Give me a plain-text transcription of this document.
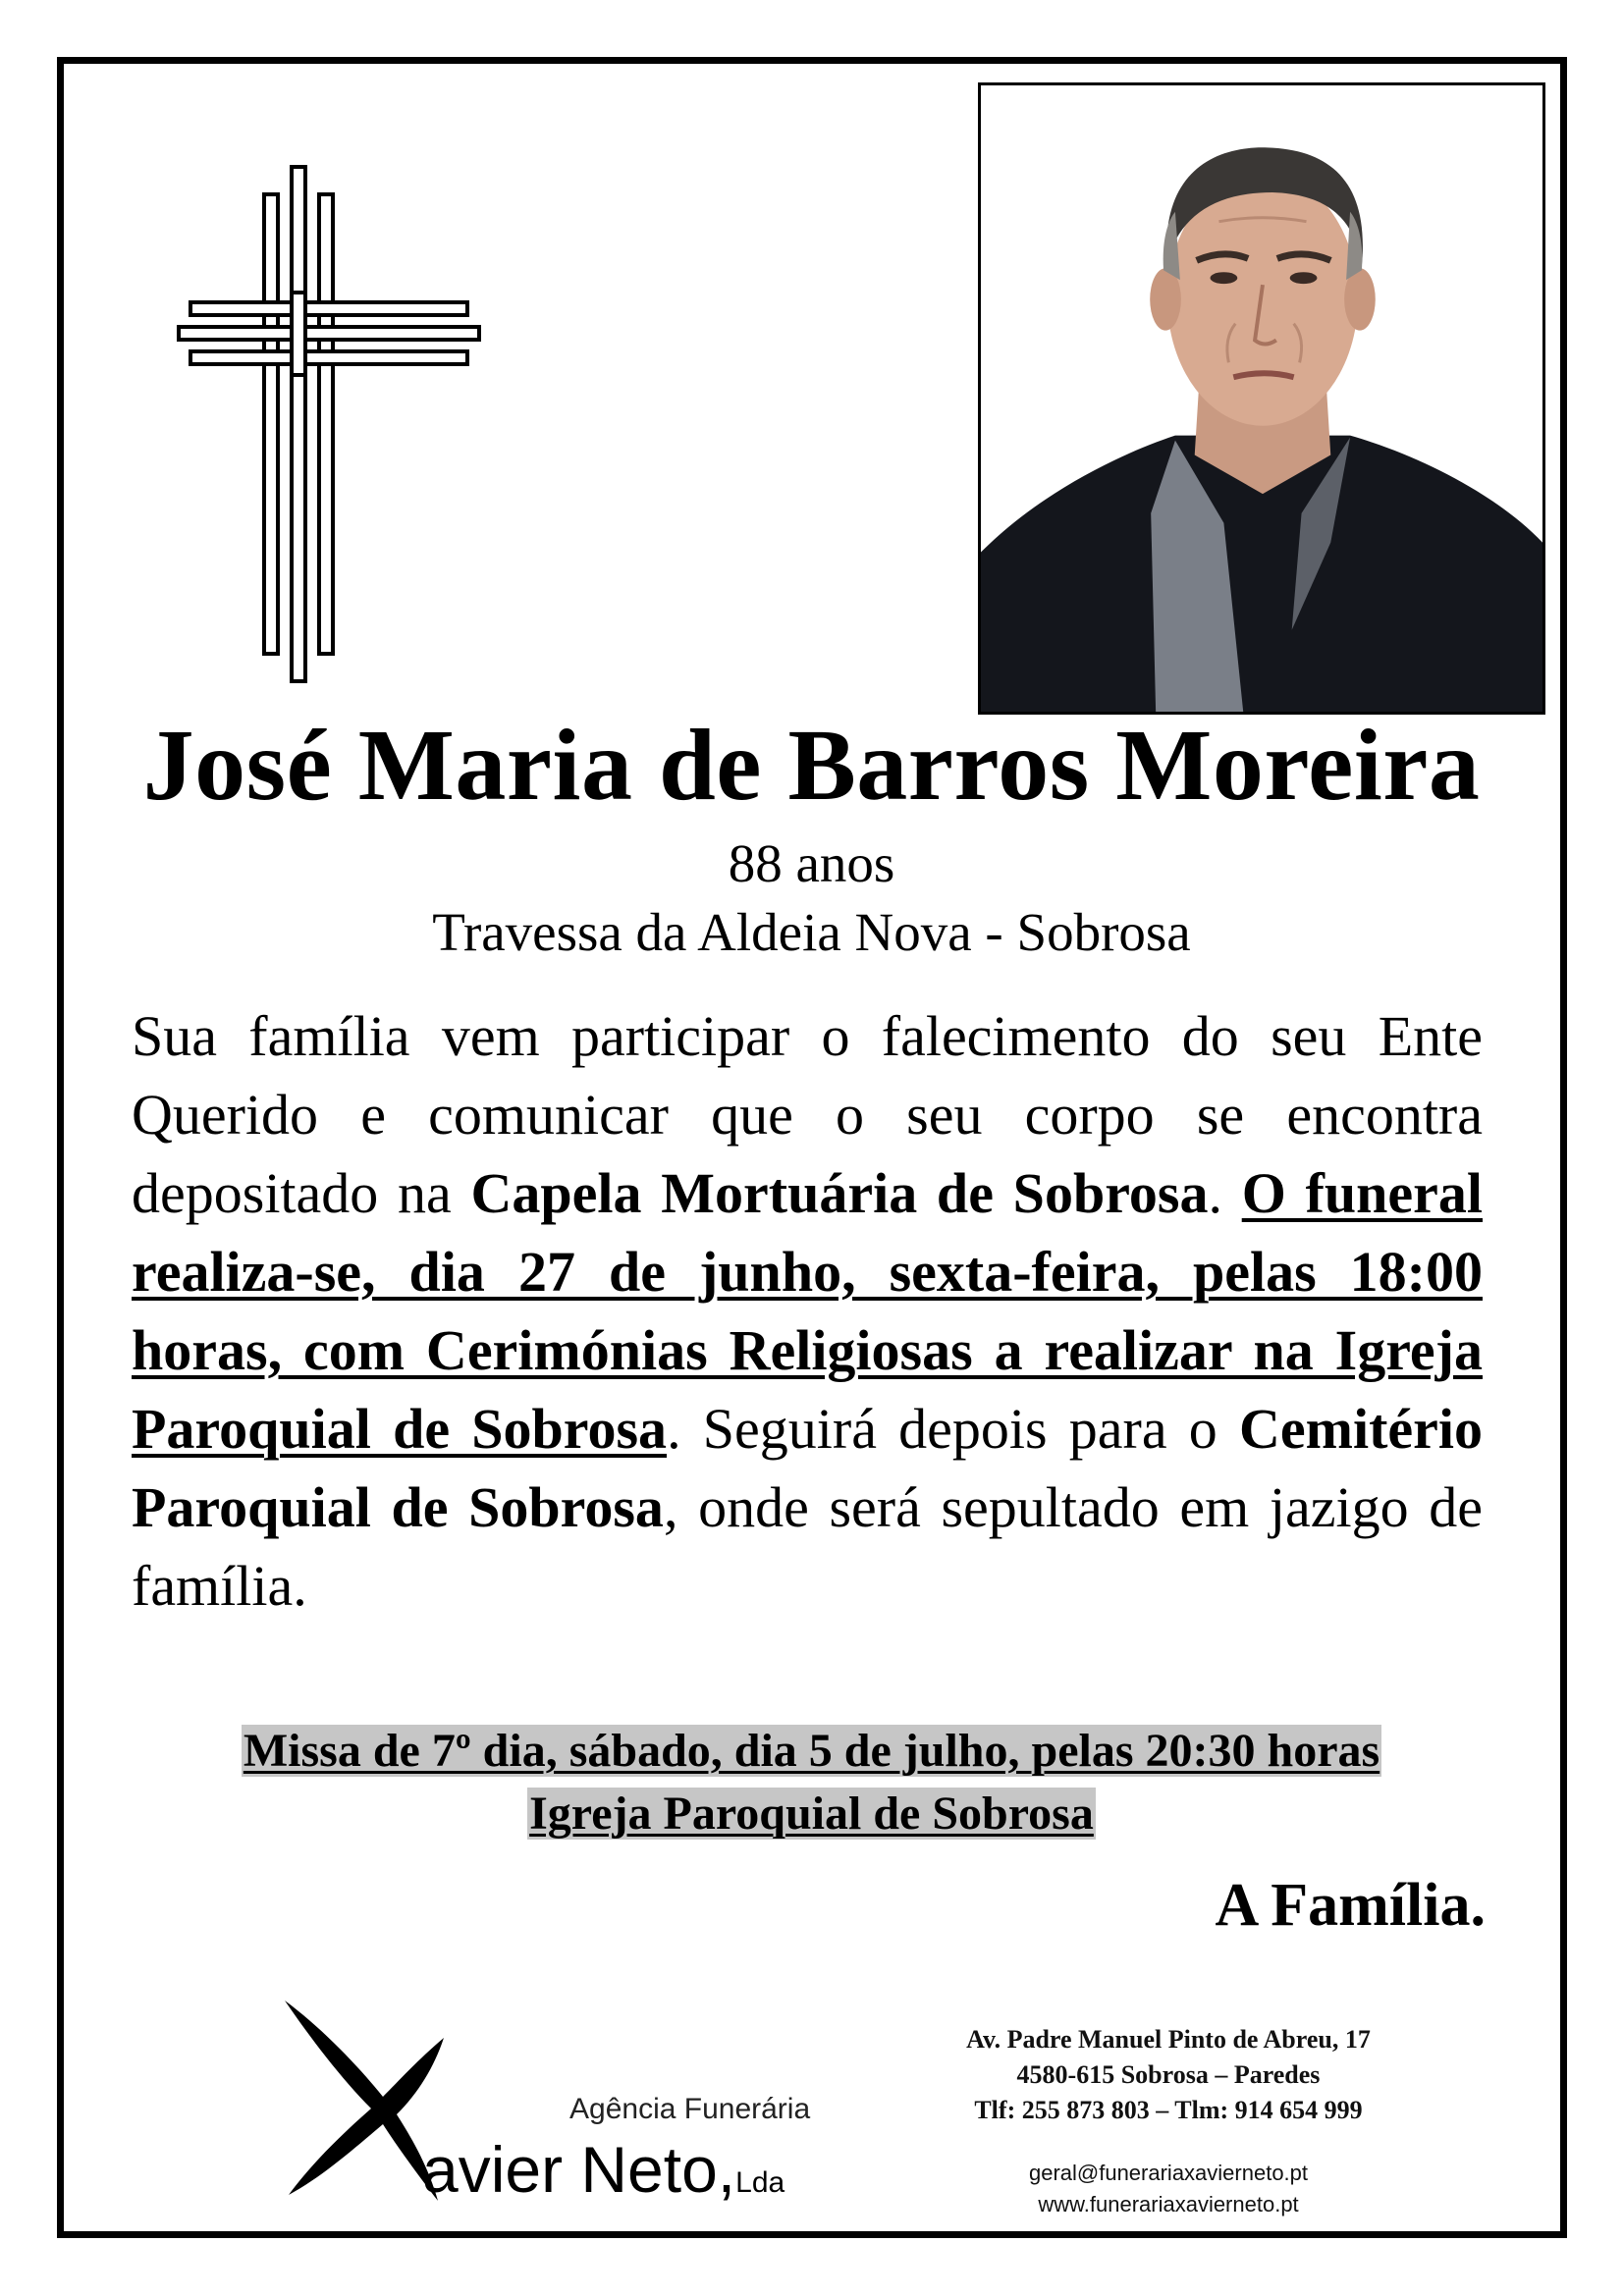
José Maria de Barros Moreira
88 anos
Travessa da Aldeia Nova - Sobrosa

Sua família vem participar o falecimento do seu Ente Querido e comunicar que o seu corpo se encontra depositado na Capela Mortuária de Sobrosa. O funeral realiza-se, dia 27 de junho, sexta-feira, pelas 18:00 horas, com Cerimónias Religiosas a realizar na Igreja Paroquial de Sobrosa. Seguirá depois para o Cemitério Paroquial de Sobrosa, onde será sepultado em jazigo de família.

Missa de 7º dia, sábado, dia 5 de julho, pelas 20:30 horas
Igreja Paroquial de Sobrosa
A Família.
Agência Funerária
avier Neto,Lda
Av. Padre Manuel Pinto de Abreu, 17
4580-615 Sobrosa – Paredes
Tlf: 255 873 803 – Tlm: 914 654 999
geral@funerariaxavierneto.pt
www.funerariaxavierneto.pt
